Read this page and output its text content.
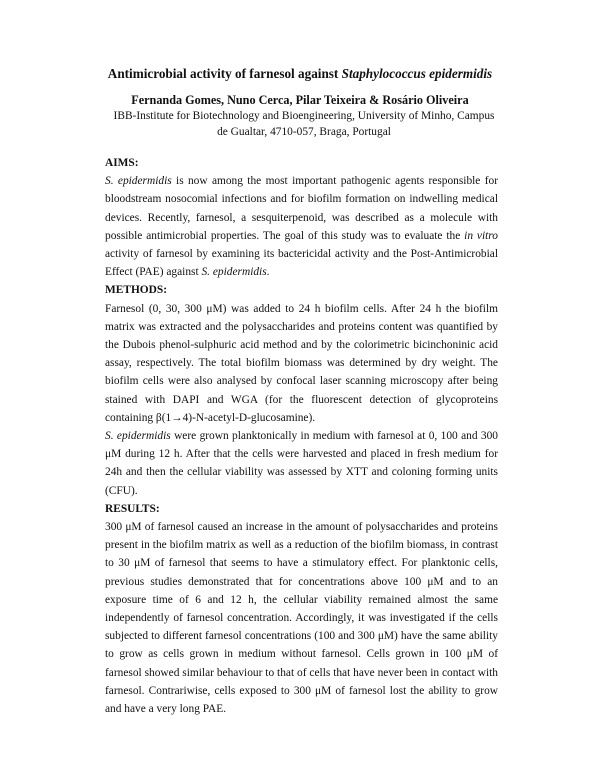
Antimicrobial activity of farnesol against Staphylococcus epidermidis
Fernanda Gomes, Nuno Cerca, Pilar Teixeira & Rosário Oliveira
IBB-Institute for Biotechnology and Bioengineering, University of Minho, Campus de Gualtar, 4710-057, Braga, Portugal
AIMS:

S. epidermidis is now among the most important pathogenic agents responsible for bloodstream nosocomial infections and for biofilm formation on indwelling medical devices. Recently, farnesol, a sesquiterpenoid, was described as a molecule with possible antimicrobial properties. The goal of this study was to evaluate the in vitro activity of farnesol by examining its bactericidal activity and the Post-Antimicrobial Effect (PAE) against S. epidermidis.

METHODS:

Farnesol (0, 30, 300 μM) was added to 24 h biofilm cells. After 24 h the biofilm matrix was extracted and the polysaccharides and proteins content was quantified by the Dubois phenol-sulphuric acid method and by the colorimetric bicinchoninic acid assay, respectively. The total biofilm biomass was determined by dry weight. The biofilm cells were also analysed by confocal laser scanning microscopy after being stained with DAPI and WGA (for the fluorescent detection of glycoproteins containing β(1→4)-N-acetyl-D-glucosamine).

S. epidermidis were grown planktonically in medium with farnesol at 0, 100 and 300 μM during 12 h. After that the cells were harvested and placed in fresh medium for 24h and then the cellular viability was assessed by XTT and coloning forming units (CFU).

RESULTS:

300 μM of farnesol caused an increase in the amount of polysaccharides and proteins present in the biofilm matrix as well as a reduction of the biofilm biomass, in contrast to 30 μM of farnesol that seems to have a stimulatory effect. For planktonic cells, previous studies demonstrated that for concentrations above 100 μM and to an exposure time of 6 and 12 h, the cellular viability remained almost the same independently of farnesol concentration. Accordingly, it was investigated if the cells subjected to different farnesol concentrations (100 and 300 μM) have the same ability to grow as cells grown in medium without farnesol. Cells grown in 100 μM of farnesol showed similar behaviour to that of cells that have never been in contact with farnesol. Contrariwise, cells exposed to 300 μM of farnesol lost the ability to grow and have a very long PAE.
